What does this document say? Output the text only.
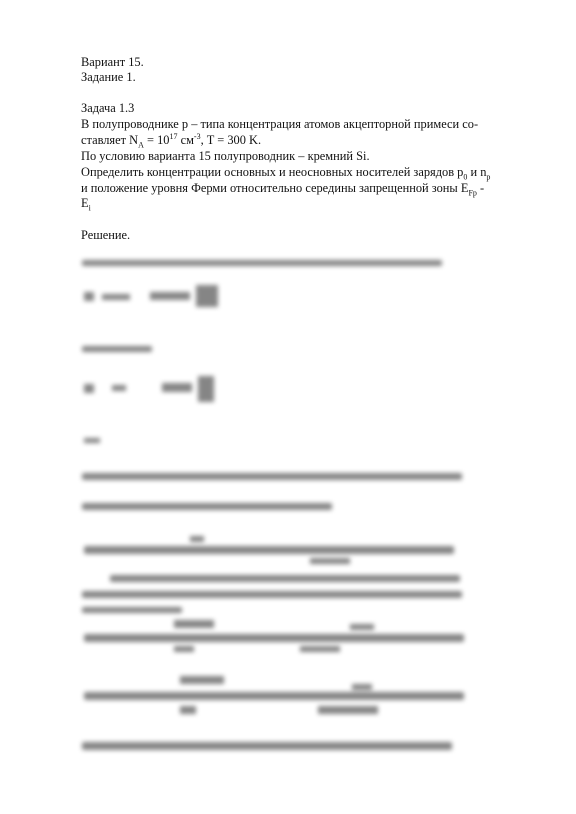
Вариант 15.
Задание 1.
Задача 1.3
В полупроводнике p – типа концентрация атомов акцепторной примеси со-
ставляет $N_A = 10^{17}$ $см^{-3}$, T = 300 K.
По условию варианта 15 полупроводник – кремний Si.
Определить концентрации основных и неосновных носителей зарядов $p_0$ и $n_p$
и положение уровня Ферми относительно середины запрещенной зоны $E_{Fp}$ -
$E_i$
Решение.
